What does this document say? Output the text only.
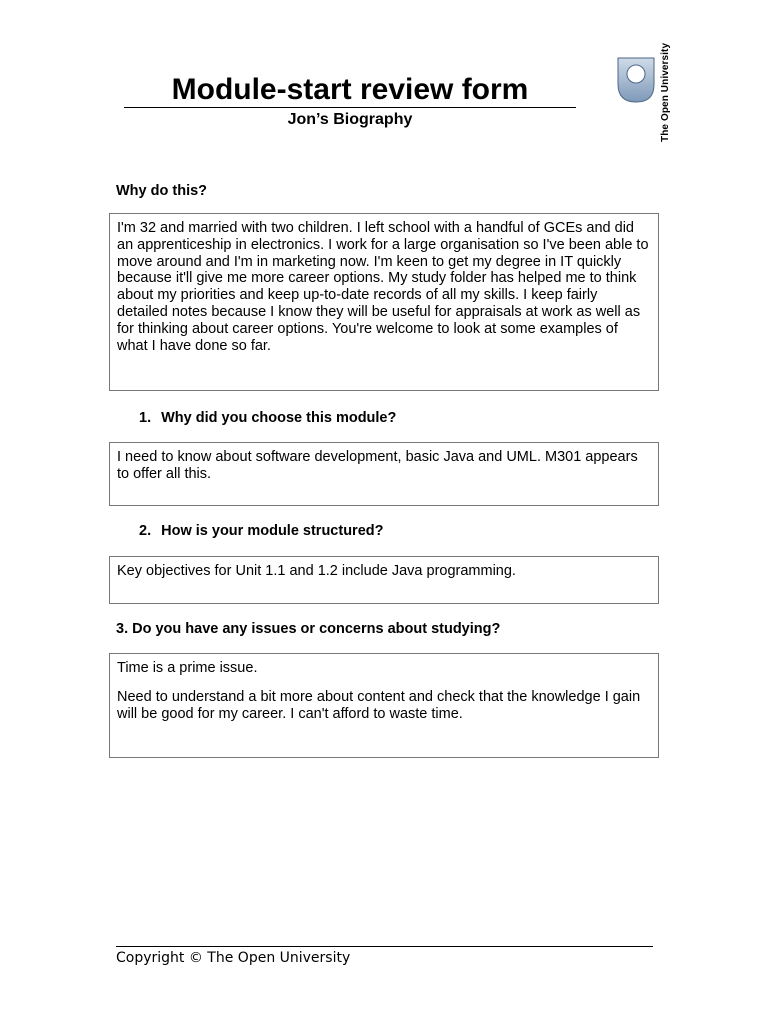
Module-start review form
Jon’s Biography	The Open University
Why do this?

I'm 32 and married with two children. I left school with a handful of GCEs and did an apprenticeship in electronics. I work for a large organisation so I've been able to move around and I'm in marketing now. I'm keen to get my degree in IT quickly because it'll give me more career options. My study folder has helped me to think about my priorities and keep up-to-date records of all my skills. I keep fairly detailed notes because I know they will be useful for appraisals at work as well as for thinking about career options. You're welcome to look at some examples of what I have done so far.

1. Why did you choose this module?

I need to know about software development, basic Java and UML. M301 appears to offer all this.

2. How is your module structured?

Key objectives for Unit 1.1 and 1.2 include Java programming.

3. Do you have any issues or concerns about studying?

Time is a prime issue.

Need to understand a bit more about content and check that the knowledge I gain will be good for my career. I can't afford to waste time.

Copyright © The Open University
